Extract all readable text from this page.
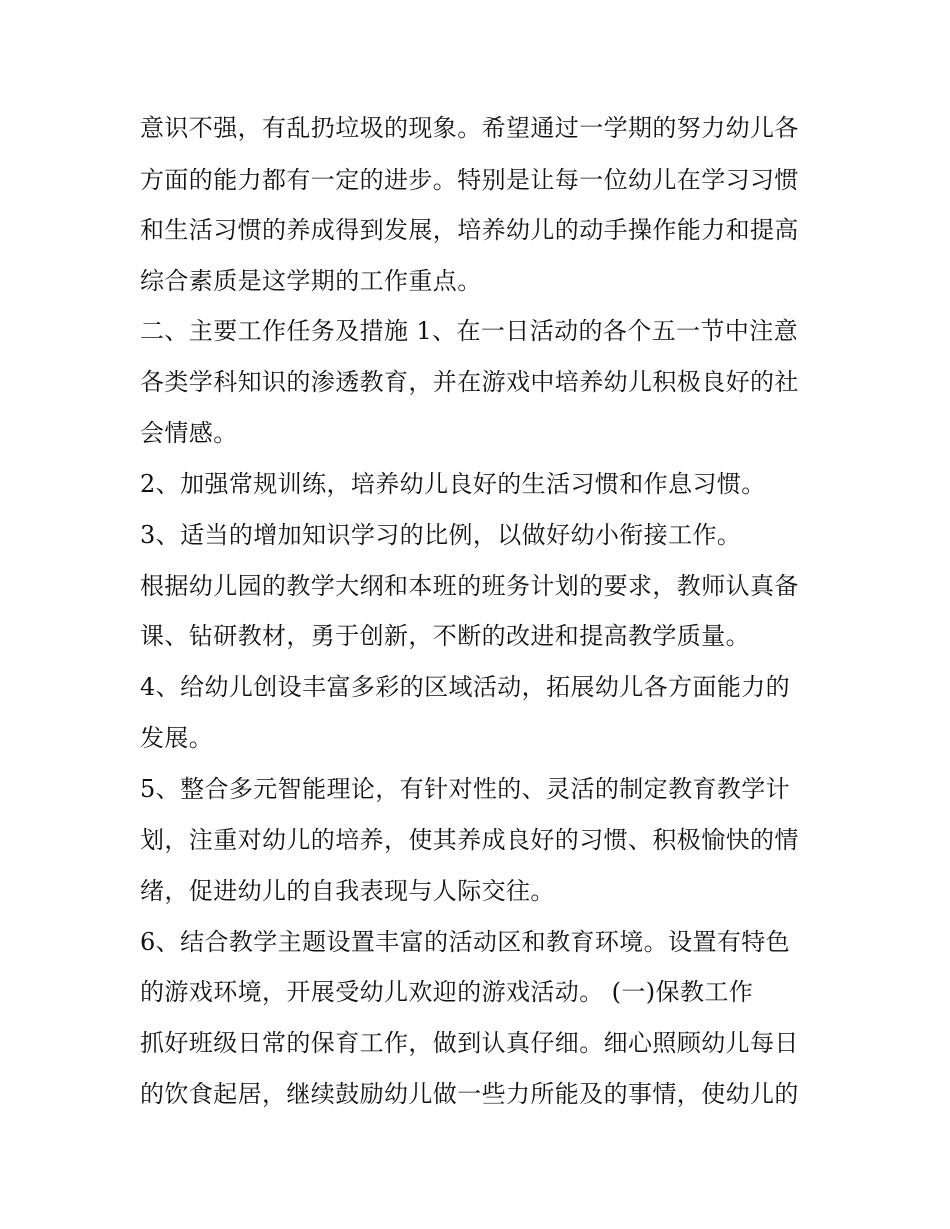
意识不强，有乱扔垃圾的现象。希望通过一学期的努力幼儿各
方面的能力都有一定的进步。特别是让每一位幼儿在学习习惯
和生活习惯的养成得到发展，培养幼儿的动手操作能力和提高
综合素质是这学期的工作重点。
二、主要工作任务及措施 1、在一日活动的各个五一节中注意
各类学科知识的渗透教育，并在游戏中培养幼儿积极良好的社
会情感。
2、加强常规训练，培养幼儿良好的生活习惯和作息习惯。
3、适当的增加知识学习的比例，以做好幼小衔接工作。
根据幼儿园的教学大纲和本班的班务计划的要求，教师认真备
课、钻研教材，勇于创新，不断的改进和提高教学质量。
4、给幼儿创设丰富多彩的区域活动，拓展幼儿各方面能力的
发展。
5、整合多元智能理论，有针对性的、灵活的制定教育教学计
划，注重对幼儿的培养，使其养成良好的习惯、积极愉快的情
绪，促进幼儿的自我表现与人际交往。
6、结合教学主题设置丰富的活动区和教育环境。设置有特色
的游戏环境，开展受幼儿欢迎的游戏活动。 (一)保教工作
抓好班级日常的保育工作，做到认真仔细。细心照顾幼儿每日
的饮食起居，继续鼓励幼儿做一些力所能及的事情，使幼儿的
